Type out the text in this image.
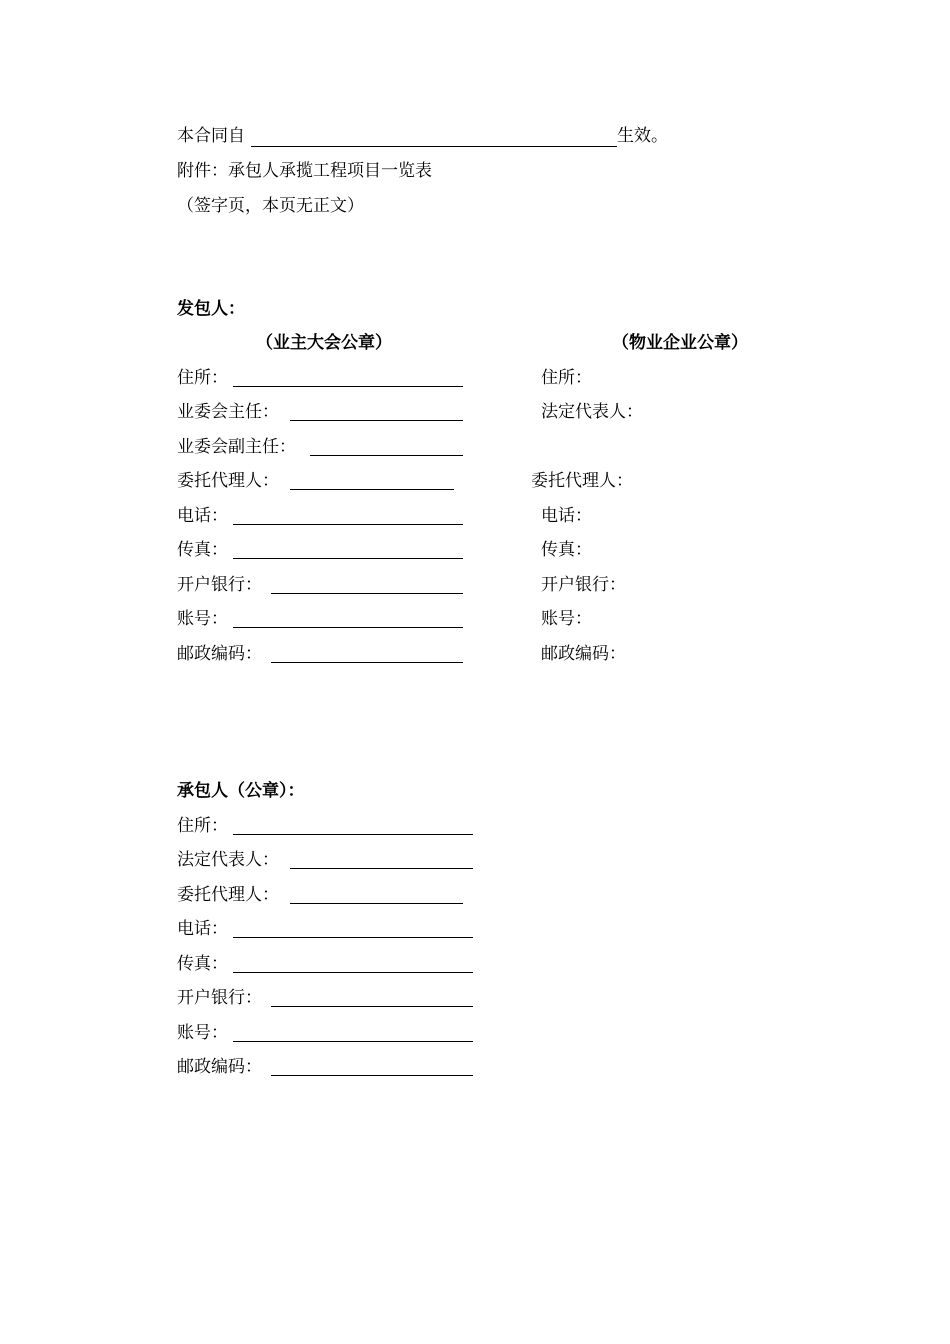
本合同自	生效。
附件：承包人承揽工程项目一览表
（签字页，本页无正文）
发包人：
（业主大会公章）	（物业企业公章）
住所：
业委会主任：
业委会副主任：
委托代理人：
电话：
传真：
开户银行：
账号：
邮政编码：
住所：
法定代表人：
委托代理人：
电话：
传真：
开户银行：
账号：
邮政编码：
承包人（公章）：
住所：
法定代表人：
委托代理人：
电话：
传真：
开户银行：
账号：
邮政编码：
